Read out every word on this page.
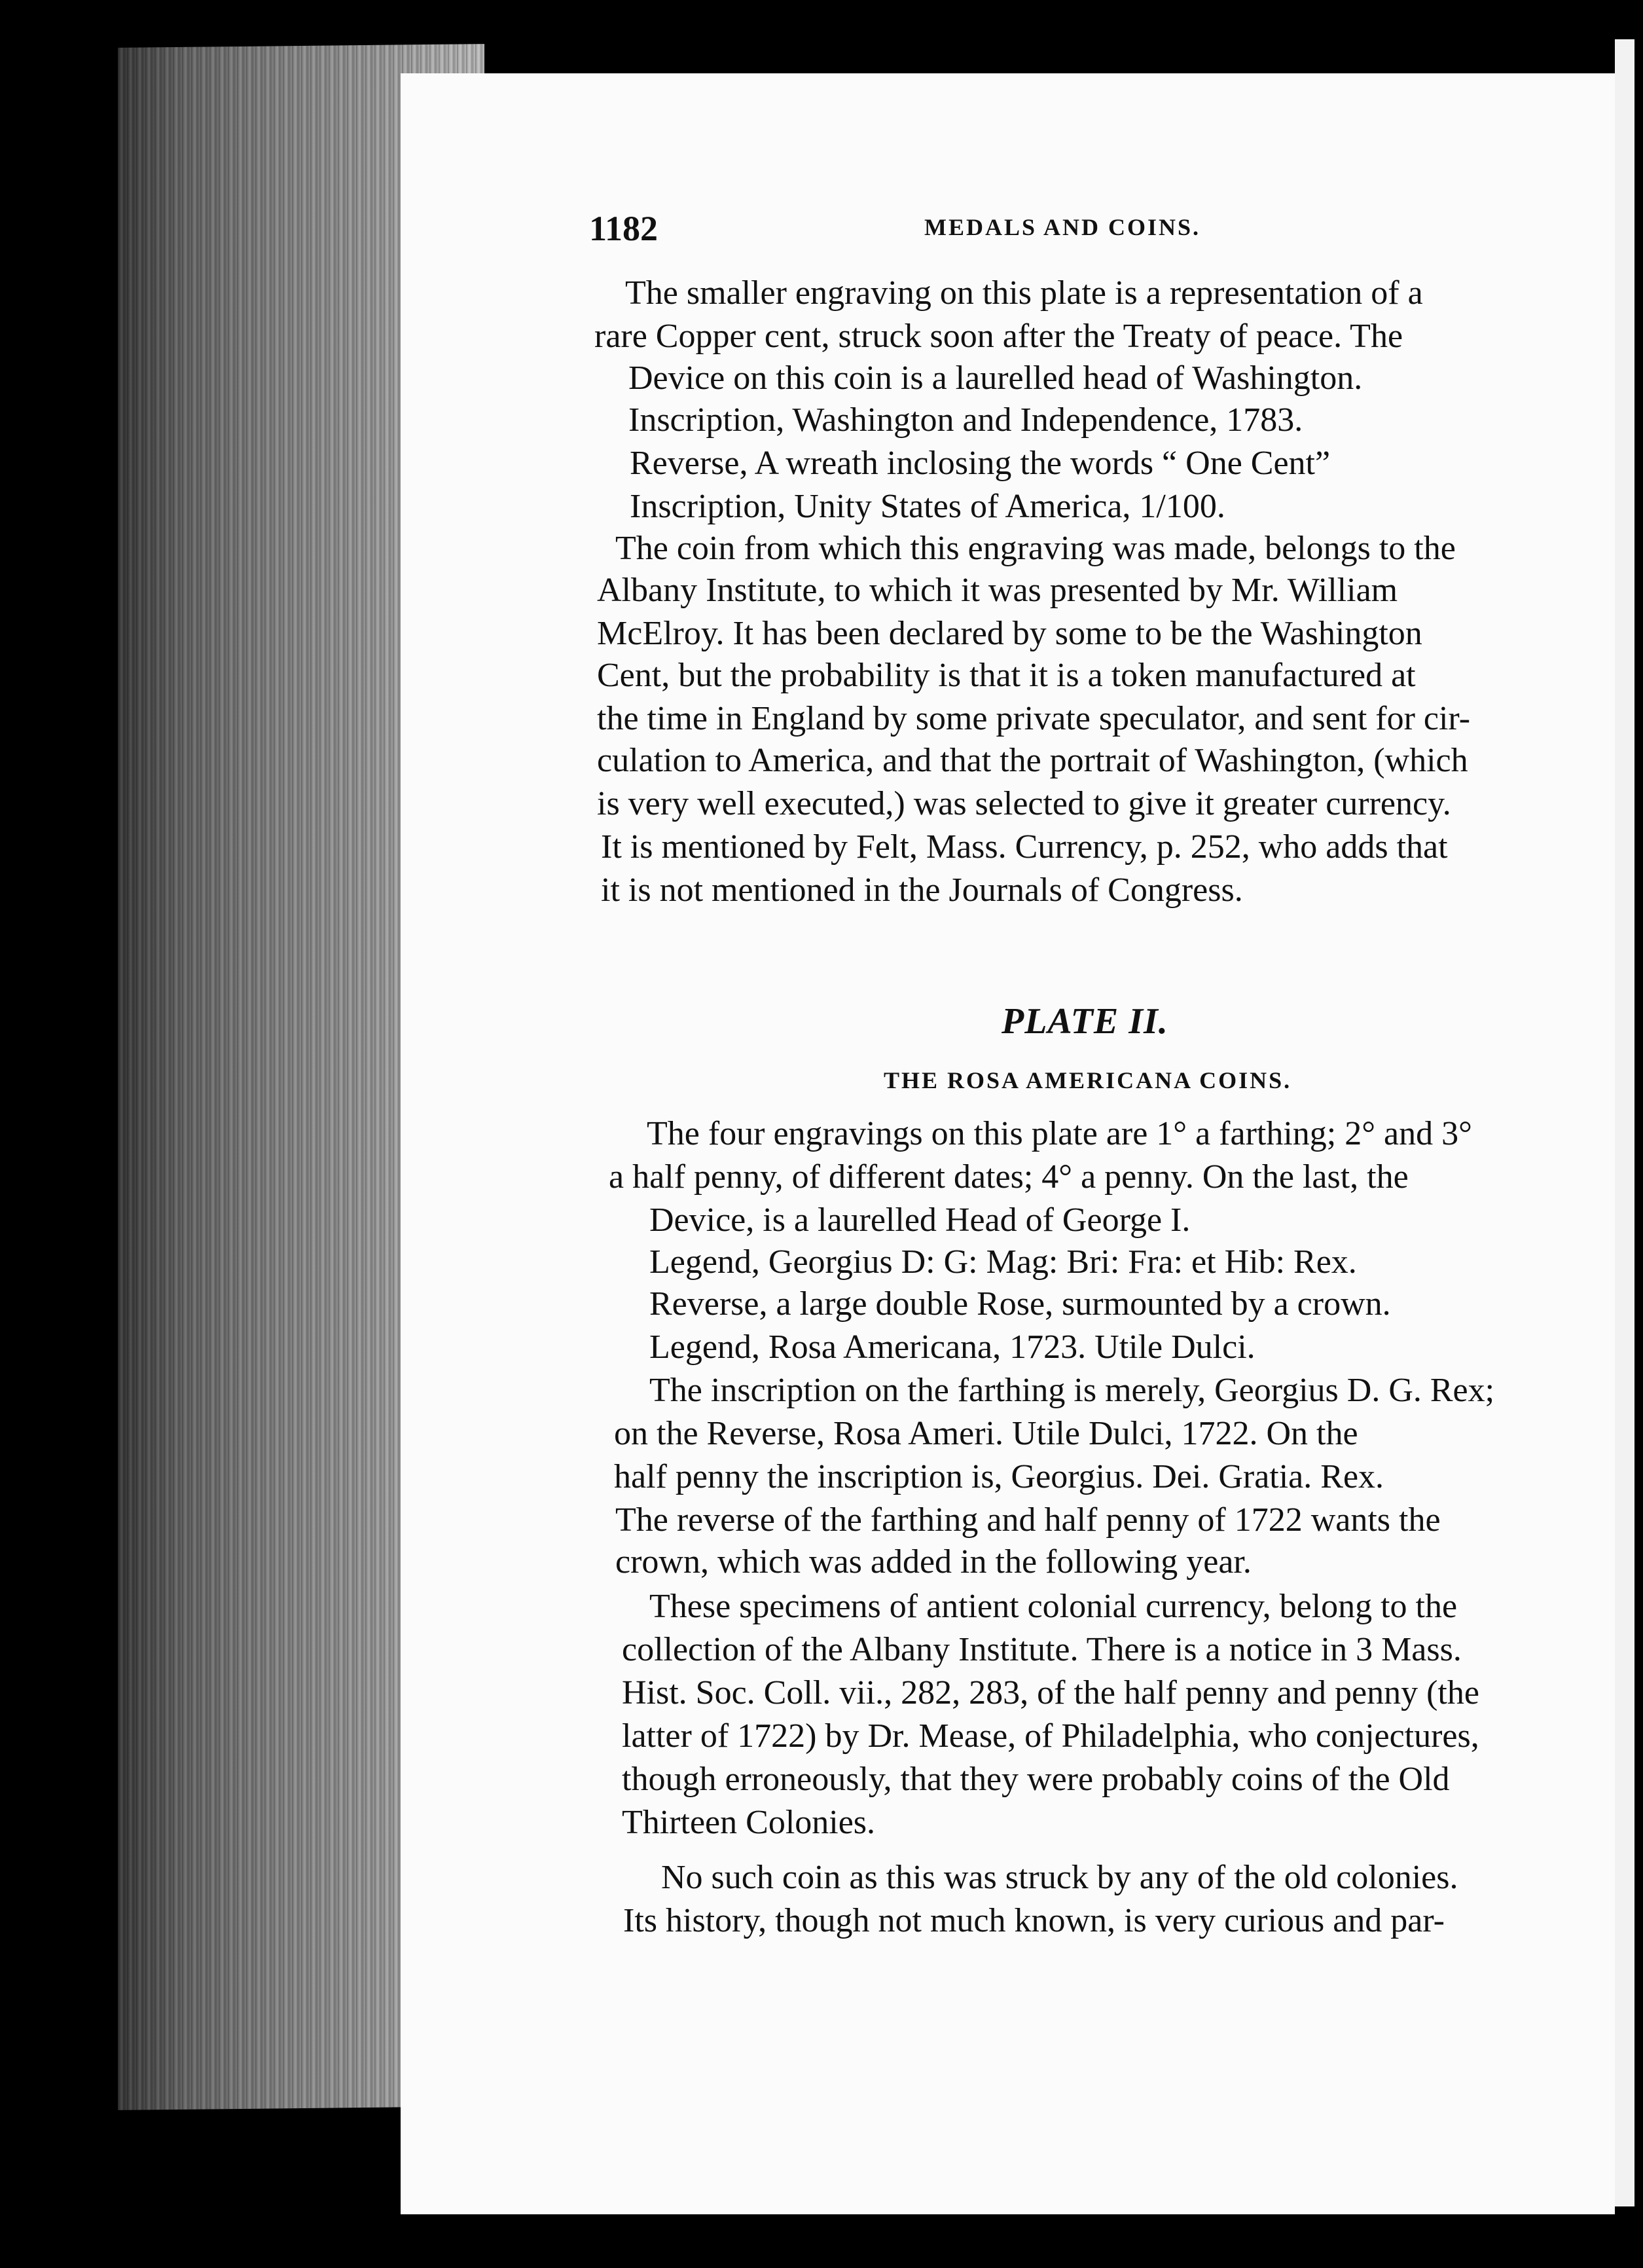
1182	MEDALS AND COINS.
The smaller engraving on this plate is a representation of a
rare Copper cent, struck soon after the Treaty of peace. The
Device on this coin is a laurelled head of Washington.
Inscription, Washington and Independence, 1783.
Reverse, A wreath inclosing the words “ One Cent”
Inscription, Unity States of America, 1/100.
The coin from which this engraving was made, belongs to the
Albany Institute, to which it was presented by Mr. William
McElroy. It has been declared by some to be the Washington
Cent, but the probability is that it is a token manufactured at
the time in England by some private speculator, and sent for cir-
culation to America, and that the portrait of Washington, (which
is very well executed,) was selected to give it greater currency.
It is mentioned by Felt, Mass. Currency, p. 252, who adds that
it is not mentioned in the Journals of Congress.
PLATE II.
THE ROSA AMERICANA COINS.
The four engravings on this plate are 1° a farthing; 2° and 3°
a half penny, of different dates; 4° a penny. On the last, the
Device, is a laurelled Head of George I.
Legend, Georgius D: G: Mag: Bri: Fra: et Hib: Rex.
Reverse, a large double Rose, surmounted by a crown.
Legend, Rosa Americana, 1723. Utile Dulci.
The inscription on the farthing is merely, Georgius D. G. Rex;
on the Reverse, Rosa Ameri. Utile Dulci, 1722. On the
half penny the inscription is, Georgius. Dei. Gratia. Rex.
The reverse of the farthing and half penny of 1722 wants the
crown, which was added in the following year.
These specimens of antient colonial currency, belong to the
collection of the Albany Institute. There is a notice in 3 Mass.
Hist. Soc. Coll. vii., 282, 283, of the half penny and penny (the
latter of 1722) by Dr. Mease, of Philadelphia, who conjectures,
though erroneously, that they were probably coins of the Old
Thirteen Colonies.
No such coin as this was struck by any of the old colonies.
Its history, though not much known, is very curious and par-
